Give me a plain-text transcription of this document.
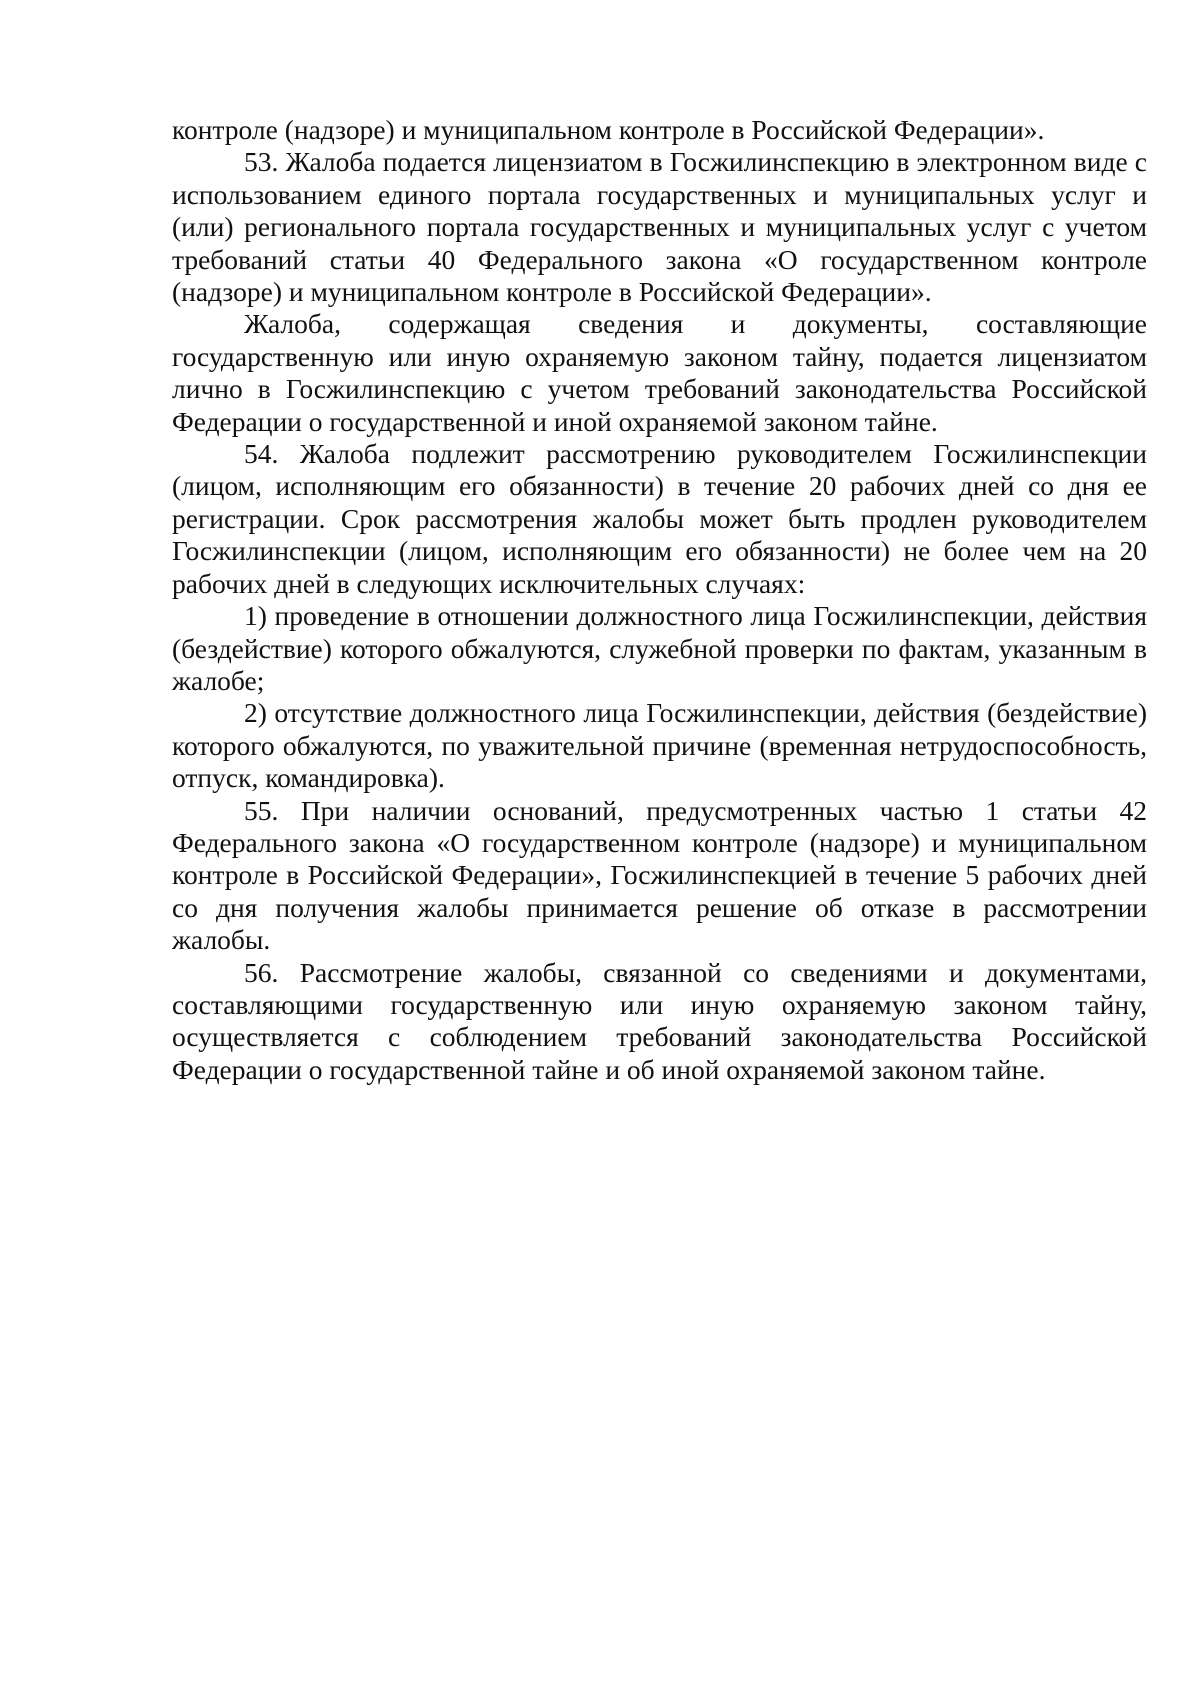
контроле (надзоре) и муниципальном контроле в Российской Федерации».

53. Жалоба подается лицензиатом в Госжилинспекцию в электронном виде с использованием единого портала государственных и муниципальных услуг и (или) регионального портала государственных и муниципальных услуг с учетом требований статьи 40 Федерального закона «О государственном контроле (надзоре) и муниципальном контроле в Российской Федерации».

Жалоба, содержащая сведения и документы, составляющие государственную или иную охраняемую законом тайну, подается лицензиатом лично в Госжилинспекцию с учетом требований законодательства Российской Федерации о государственной и иной охраняемой законом тайне.

54. Жалоба подлежит рассмотрению руководителем Госжилинспекции (лицом, исполняющим его обязанности) в течение 20 рабочих дней со дня ее регистрации. Срок рассмотрения жалобы может быть продлен руководителем Госжилинспекции (лицом, исполняющим его обязанности) не более чем на 20 рабочих дней в следующих исключительных случаях:

1) проведение в отношении должностного лица Госжилинспекции, действия (бездействие) которого обжалуются, служебной проверки по фактам, указанным в жалобе;

2) отсутствие должностного лица Госжилинспекции, действия (бездействие) которого обжалуются, по уважительной причине (временная нетрудоспособность, отпуск, командировка).

55. При наличии оснований, предусмотренных частью 1 статьи 42 Федерального закона «О государственном контроле (надзоре) и муниципальном контроле в Российской Федерации», Госжилинспекцией в течение 5 рабочих дней со дня получения жалобы принимается решение об отказе в рассмотрении жалобы.

56. Рассмотрение жалобы, связанной со сведениями и документами, составляющими государственную или иную охраняемую законом тайну, осуществляется с соблюдением требований законодательства Российской Федерации о государственной тайне и об иной охраняемой законом тайне.
